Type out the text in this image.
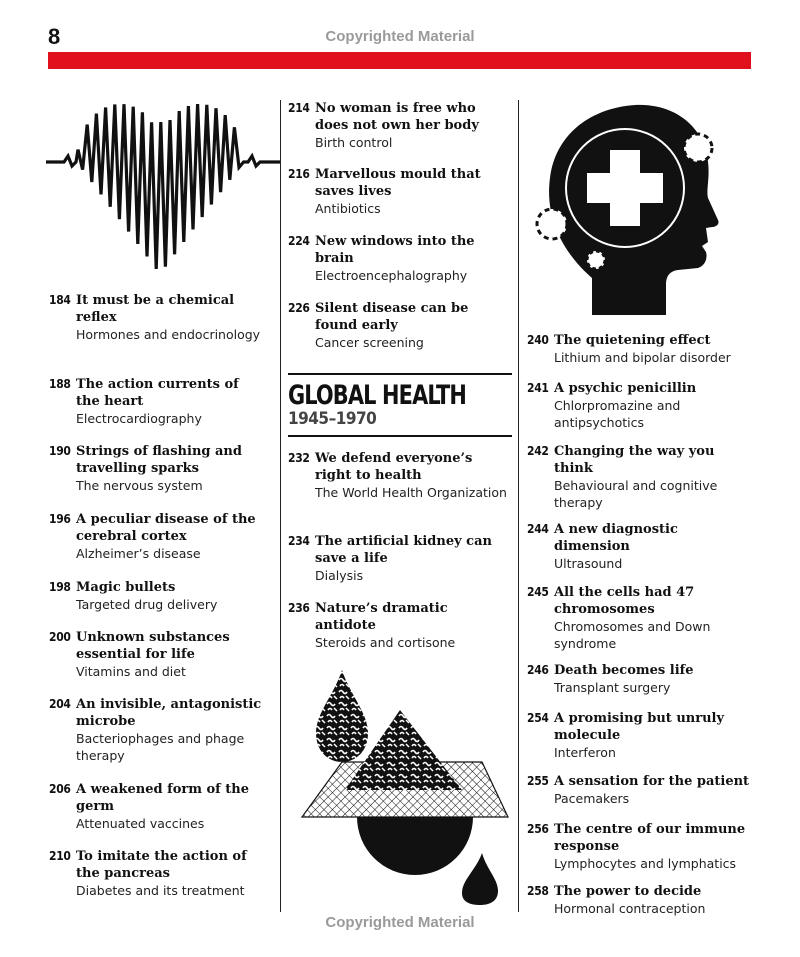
8	Copyrighted Material
184 It must be a chemical reflex
Hormones and endocrinology
188 The action currents of the heart
Electrocardiography
190 Strings of flashing and travelling sparks
The nervous system
196 A peculiar disease of the cerebral cortex
Alzheimer’s disease
198 Magic bullets
Targeted drug delivery
200 Unknown substances essential for life
Vitamins and diet
204 An invisible, antagonistic microbe
Bacteriophages and phage therapy
206 A weakened form of the germ
Attenuated vaccines
210 To imitate the action of the pancreas
Diabetes and its treatment
214 No woman is free who does not own her body
Birth control
216 Marvellous mould that saves lives
Antibiotics
224 New windows into the brain
Electroencephalography
226 Silent disease can be found early
Cancer screening
GLOBAL HEALTH
1945–1970
232 We defend everyone’s right to health
The World Health Organization
234 The artificial kidney can save a life
Dialysis
236 Nature’s dramatic antidote
Steroids and cortisone
240 The quietening effect
Lithium and bipolar disorder
241 A psychic penicillin
Chlorpromazine and antipsychotics
242 Changing the way you think
Behavioural and cognitive therapy
244 A new diagnostic dimension
Ultrasound
245 All the cells had 47 chromosomes
Chromosomes and Down syndrome
246 Death becomes life
Transplant surgery
254 A promising but unruly molecule
Interferon
255 A sensation for the patient
Pacemakers
256 The centre of our immune response
Lymphocytes and lymphatics
258 The power to decide
Hormonal contraception
Copyrighted Material
